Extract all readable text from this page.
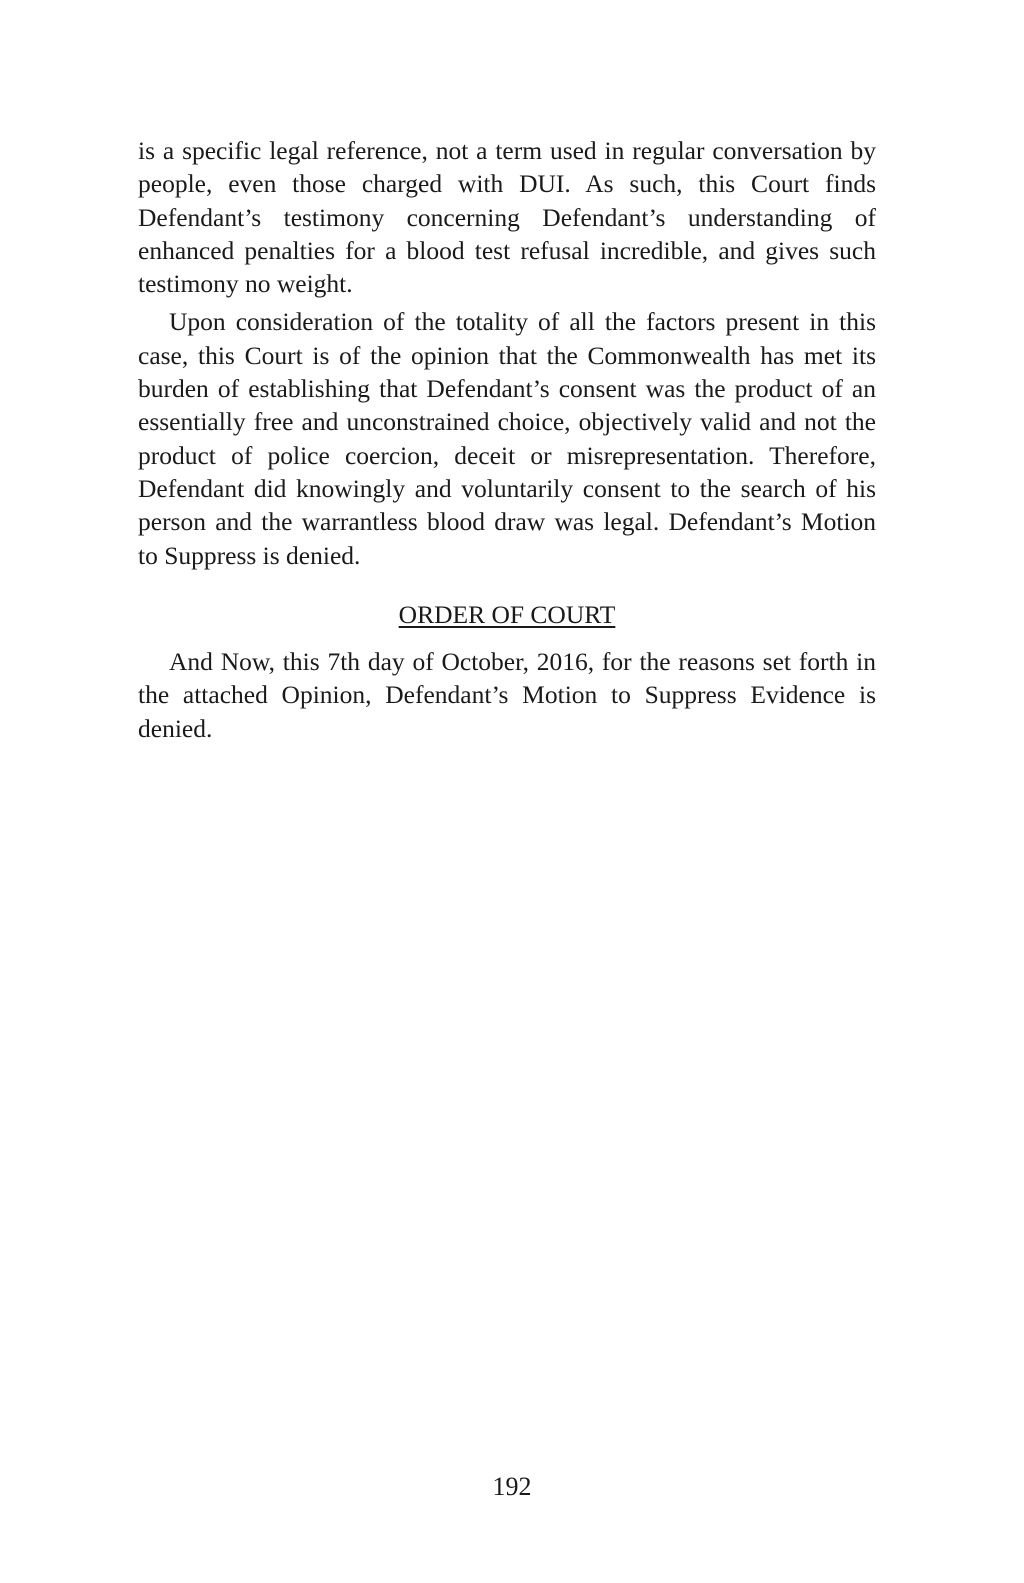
is a specific legal reference, not a term used in regular conversation by people, even those charged with DUI. As such, this Court finds Defendant’s testimony concerning Defendant’s understanding of enhanced penalties for a blood test refusal incredible, and gives such testimony no weight.

Upon consideration of the totality of all the factors present in this case, this Court is of the opinion that the Commonwealth has met its burden of establishing that Defendant’s consent was the product of an essentially free and unconstrained choice, objectively valid and not the product of police coercion, deceit or misrepresentation. Therefore, Defendant did knowingly and voluntarily consent to the search of his person and the warrantless blood draw was legal. Defendant’s Motion to Suppress is denied.

ORDER OF COURT

And Now, this 7th day of October, 2016, for the reasons set forth in the attached Opinion, Defendant’s Motion to Suppress Evidence is denied.

192
